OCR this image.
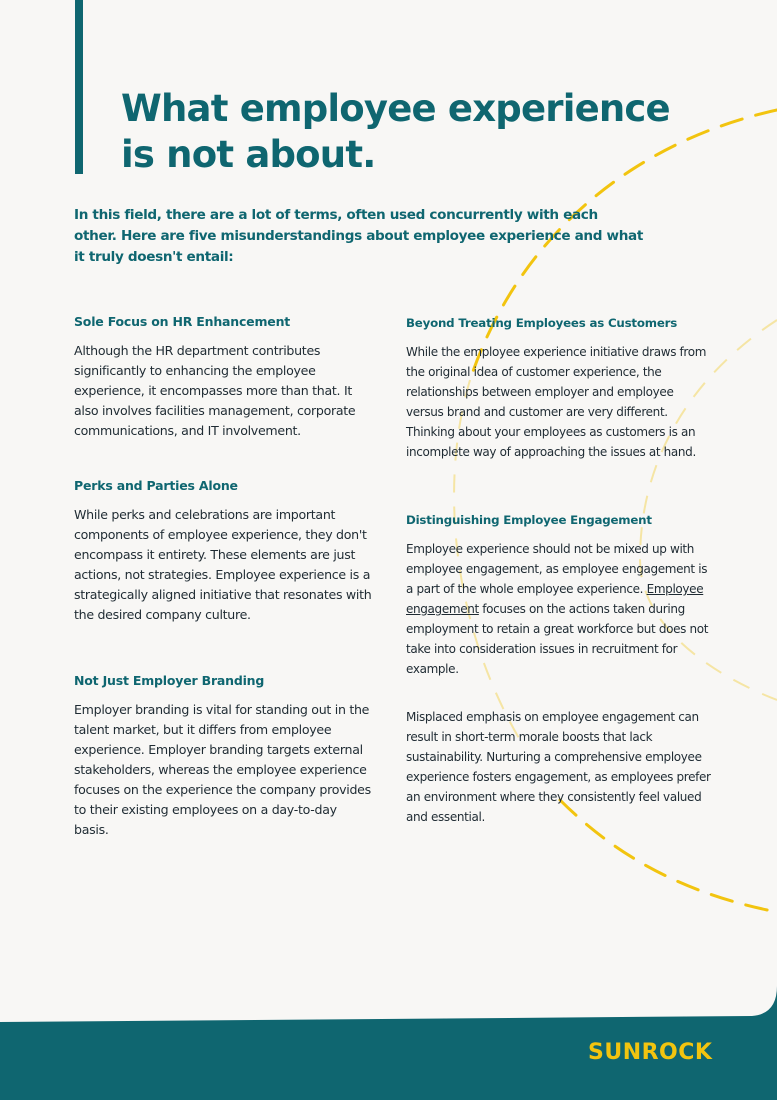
What employee experience is not about.

In this field, there are a lot of terms, often used concurrently with each other. Here are five misunderstandings about employee experience and what it truly doesn't entail:

Sole Focus on HR Enhancement

Although the HR department contributes significantly to enhancing the employee experience, it encompasses more than that. It also involves facilities management, corporate communications, and IT involvement.

Perks and Parties Alone

While perks and celebrations are important components of employee experience, they don't encompass it entirety. These elements are just actions, not strategies. Employee experience is a strategically aligned initiative that resonates with the desired company culture.

Not Just Employer Branding

Employer branding is vital for standing out in the talent market, but it differs from employee experience. Employer branding targets external stakeholders, whereas the employee experience focuses on the experience the company provides to their existing employees on a day-to-day basis.

Beyond Treating Employees as Customers

While the employee experience initiative draws from the original idea of customer experience, the relationships between employer and employee versus brand and customer are very different. Thinking about your employees as customers is an incomplete way of approaching the issues at hand.

Distinguishing Employee Engagement

Employee experience should not be mixed up with employee engagement, as employee engagement is a part of the whole employee experience. Employee engagement focuses on the actions taken during employment to retain a great workforce but does not take into consideration issues in recruitment for example.

Misplaced emphasis on employee engagement can result in short-term morale boosts that lack sustainability. Nurturing a comprehensive employee experience fosters engagement, as employees prefer an environment where they consistently feel valued and essential.

SUNROCK
